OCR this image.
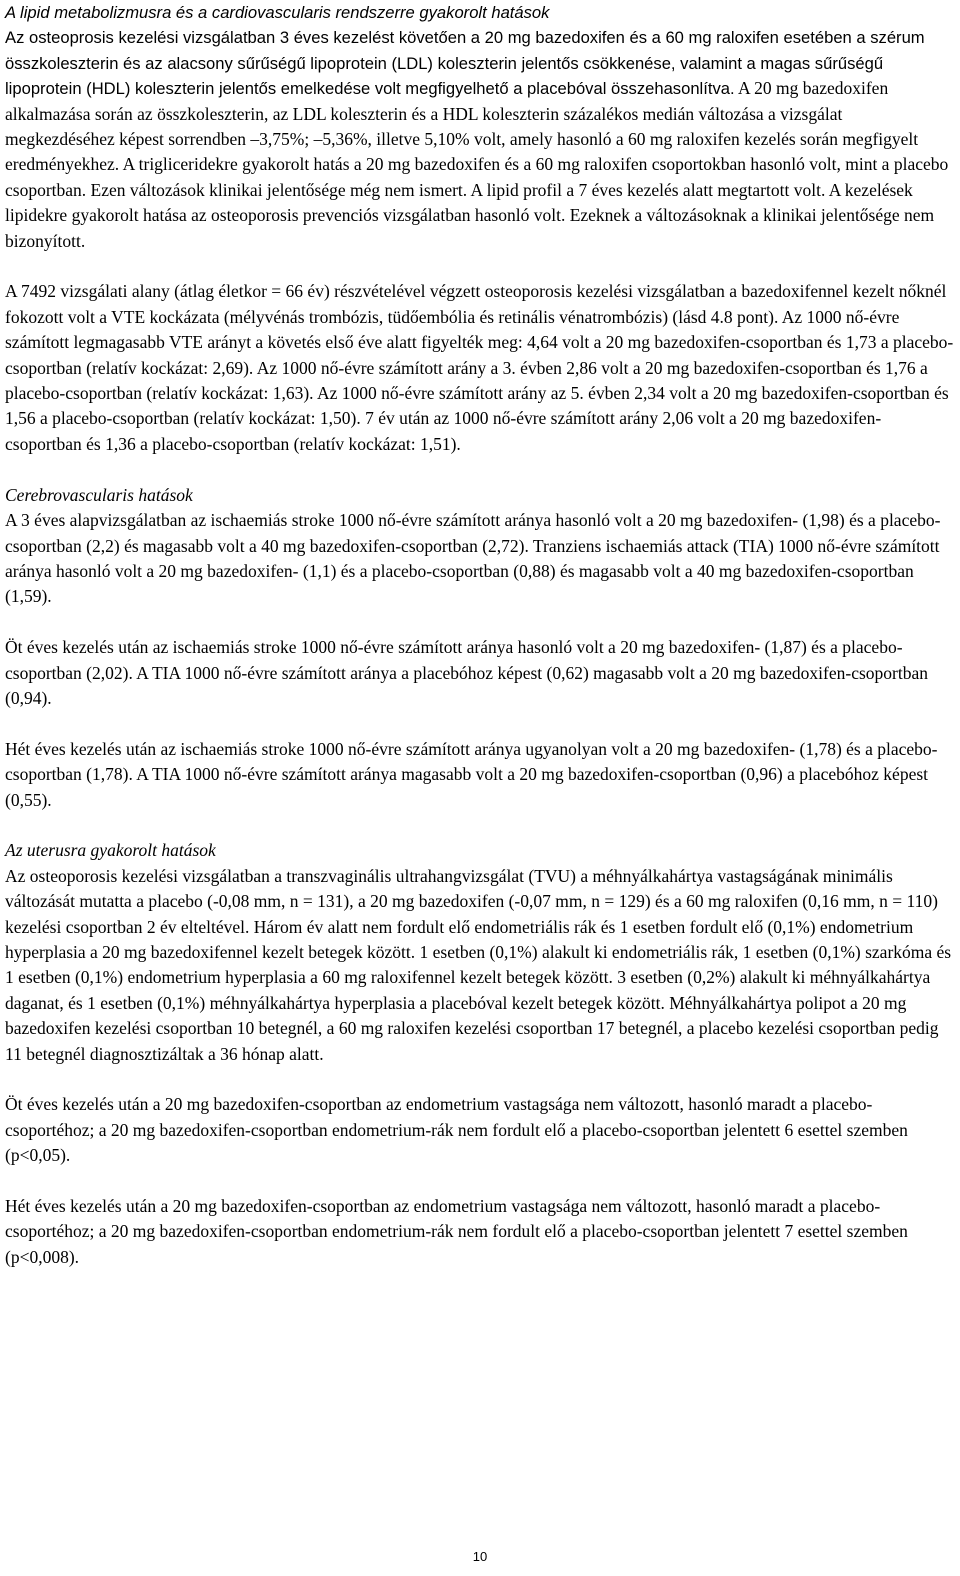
A lipid metabolizmusra és a cardiovascularis rendszerre gyakorolt hatások

Az osteoprosis kezelési vizsgálatban 3 éves kezelést követően a 20 mg bazedoxifen és a 60 mg raloxifen esetében a szérum összkoleszterin és az alacsony sűrűségű lipoprotein (LDL) koleszterin jelentős csökkenése, valamint a magas sűrűségű lipoprotein (HDL) koleszterin jelentős emelkedése volt megfigyelhető a placebóval összehasonlítva. A 20 mg bazedoxifen alkalmazása során az összkoleszterin, az LDL koleszterin és a HDL koleszterin százalékos medián változása a vizsgálat megkezdéséhez képest sorrendben –3,75%; –5,36%, illetve 5,10% volt, amely hasonló a 60 mg raloxifen kezelés során megfigyelt eredményekhez. A trigliceridekre gyakorolt hatás a 20 mg bazedoxifen és a 60 mg raloxifen csoportokban hasonló volt, mint a placebo csoportban. Ezen változások klinikai jelentősége még nem ismert. A lipid profil a 7 éves kezelés alatt megtartott volt. A kezelések lipidekre gyakorolt hatása az osteoporosis prevenciós vizsgálatban hasonló volt. Ezeknek a változásoknak a klinikai jelentősége nem bizonyított.

A 7492 vizsgálati alany (átlag életkor = 66 év) részvételével végzett osteoporosis kezelési vizsgálatban a bazedoxifennel kezelt nőknél fokozott volt a VTE kockázata (mélyvénás trombózis, tüdőembólia és retinális vénatrombózis) (lásd 4.8 pont). Az 1000 nő-évre számított legmagasabb VTE arányt a követés első éve alatt figyelték meg: 4,64 volt a 20 mg bazedoxifen-csoportban és 1,73 a placebo-csoportban (relatív kockázat: 2,69). Az 1000 nő-évre számított arány a 3. évben 2,86 volt a 20 mg bazedoxifen-csoportban és 1,76 a placebo-csoportban (relatív kockázat: 1,63). Az 1000 nő-évre számított arány az 5. évben 2,34 volt a 20 mg bazedoxifen-csoportban és 1,56 a placebo-csoportban (relatív kockázat: 1,50). 7 év után az 1000 nő-évre számított arány 2,06 volt a 20 mg bazedoxifen-csoportban és 1,36 a placebo-csoportban (relatív kockázat: 1,51).

Cerebrovascularis hatások

A 3 éves alapvizsgálatban az ischaemiás stroke 1000 nő-évre számított aránya hasonló volt a 20 mg bazedoxifen- (1,98) és a placebo-csoportban (2,2) és magasabb volt a 40 mg bazedoxifen-csoportban (2,72). Tranziens ischaemiás attack (TIA) 1000 nő-évre számított aránya hasonló volt a 20 mg bazedoxifen- (1,1) és a placebo-csoportban (0,88) és magasabb volt a 40 mg bazedoxifen-csoportban (1,59).

Öt éves kezelés után az ischaemiás stroke 1000 nő-évre számított aránya hasonló volt a 20 mg bazedoxifen- (1,87) és a placebo-csoportban (2,02). A TIA 1000 nő-évre számított aránya a placebóhoz képest (0,62) magasabb volt a 20 mg bazedoxifen-csoportban (0,94).

Hét éves kezelés után az ischaemiás stroke 1000 nő-évre számított aránya ugyanolyan volt a 20 mg bazedoxifen- (1,78) és a placebo-csoportban (1,78). A TIA 1000 nő-évre számított aránya magasabb volt a 20 mg bazedoxifen-csoportban (0,96) a placebóhoz képest (0,55).

Az uterusra gyakorolt hatások

Az osteoporosis kezelési vizsgálatban a transzvaginális ultrahangvizsgálat (TVU) a méhnyálkahártya vastagságának minimális változását mutatta a placebo (-0,08 mm, n = 131), a 20 mg bazedoxifen (-0,07 mm, n = 129) és a 60 mg raloxifen (0,16 mm, n = 110) kezelési csoportban 2 év elteltével. Három év alatt nem fordult elő endometriális rák és 1 esetben fordult elő (0,1%) endometrium hyperplasia a 20 mg bazedoxifennel kezelt betegek között. 1 esetben (0,1%) alakult ki endometriális rák, 1 esetben (0,1%) szarkóma és 1 esetben (0,1%) endometrium hyperplasia a 60 mg raloxifennel kezelt betegek között. 3 esetben (0,2%) alakult ki méhnyálkahártya daganat, és 1 esetben (0,1%) méhnyálkahártya hyperplasia a placebóval kezelt betegek között. Méhnyálkahártya polipot a 20 mg bazedoxifen kezelési csoportban 10 betegnél, a 60 mg raloxifen kezelési csoportban 17 betegnél, a placebo kezelési csoportban pedig 11 betegnél diagnosztizáltak a 36 hónap alatt.

Öt éves kezelés után a 20 mg bazedoxifen-csoportban az endometrium vastagsága nem változott, hasonló maradt a placebo-csoportéhoz; a 20 mg bazedoxifen-csoportban endometrium-rák nem fordult elő a placebo-csoportban jelentett 6 esettel szemben (p<0,05).

Hét éves kezelés után a 20 mg bazedoxifen-csoportban az endometrium vastagsága nem változott, hasonló maradt a placebo-csoportéhoz; a 20 mg bazedoxifen-csoportban endometrium-rák nem fordult elő a placebo-csoportban jelentett 7 esettel szemben (p<0,008).

10
